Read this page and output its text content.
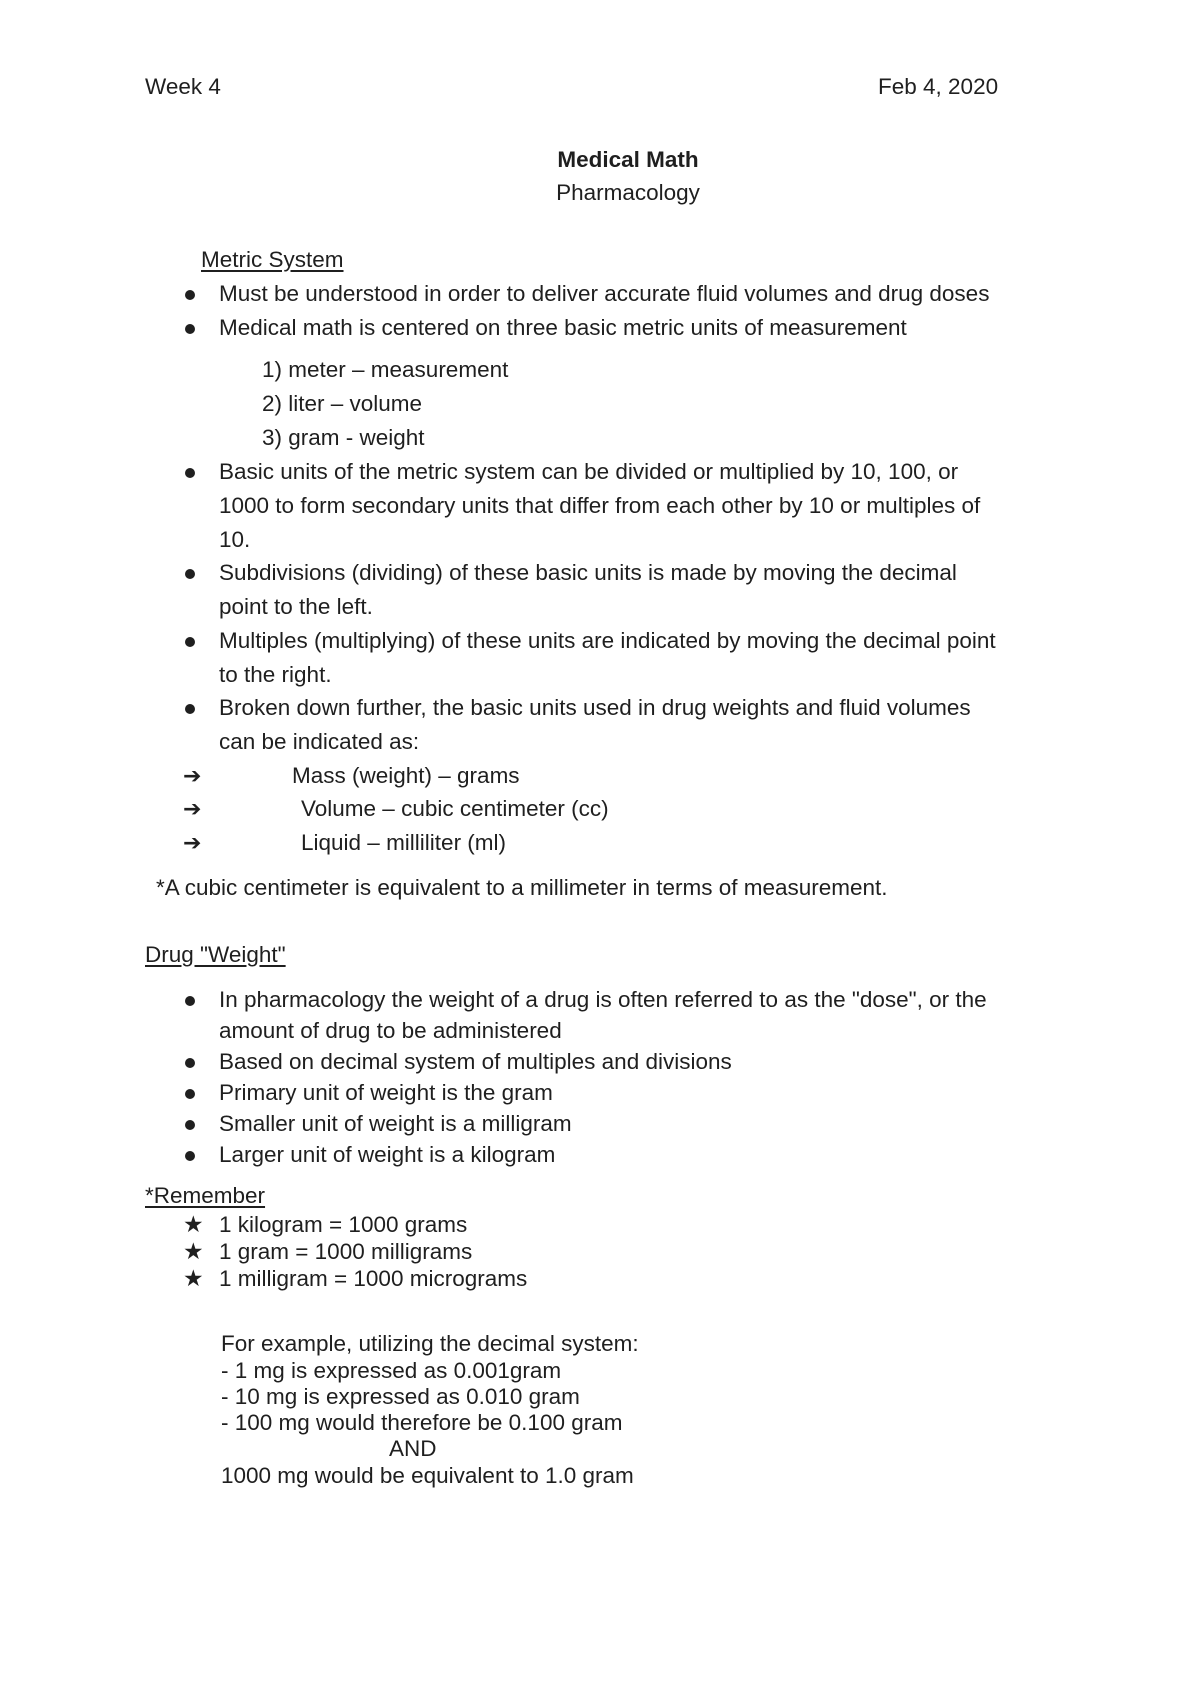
Week 4	Feb 4, 2020
Medical Math
Pharmacology
Metric System
Must be understood in order to deliver accurate fluid volumes and drug doses
Medical math is centered on three basic metric units of measurement
1) meter – measurement
2) liter – volume
3) gram - weight
Basic units of the metric system can be divided or multiplied by 10, 100, or
1000 to form secondary units that differ from each other by 10 or multiples of
10.
Subdivisions (dividing) of these basic units is made by moving the decimal
point to the left.
Multiples (multiplying) of these units are indicated by moving the decimal point
to the right.
Broken down further, the basic units used in drug weights and fluid volumes
can be indicated as:
➔	Mass (weight) – grams
➔	Volume – cubic centimeter (cc)
➔	Liquid – milliliter (ml)
*A cubic centimeter is equivalent to a millimeter in terms of measurement.
Drug "Weight"
In pharmacology the weight of a drug is often referred to as the "dose", or the
amount of drug to be administered
Based on decimal system of multiples and divisions
Primary unit of weight is the gram
Smaller unit of weight is a milligram
Larger unit of weight is a kilogram
*Remember
★ 1 kilogram = 1000 grams
★ 1 gram = 1000 milligrams
★ 1 milligram = 1000 micrograms
For example, utilizing the decimal system:
- 1 mg is expressed as 0.001gram
- 10 mg is expressed as 0.010 gram
- 100 mg would therefore be 0.100 gram
AND
1000 mg would be equivalent to 1.0 gram
